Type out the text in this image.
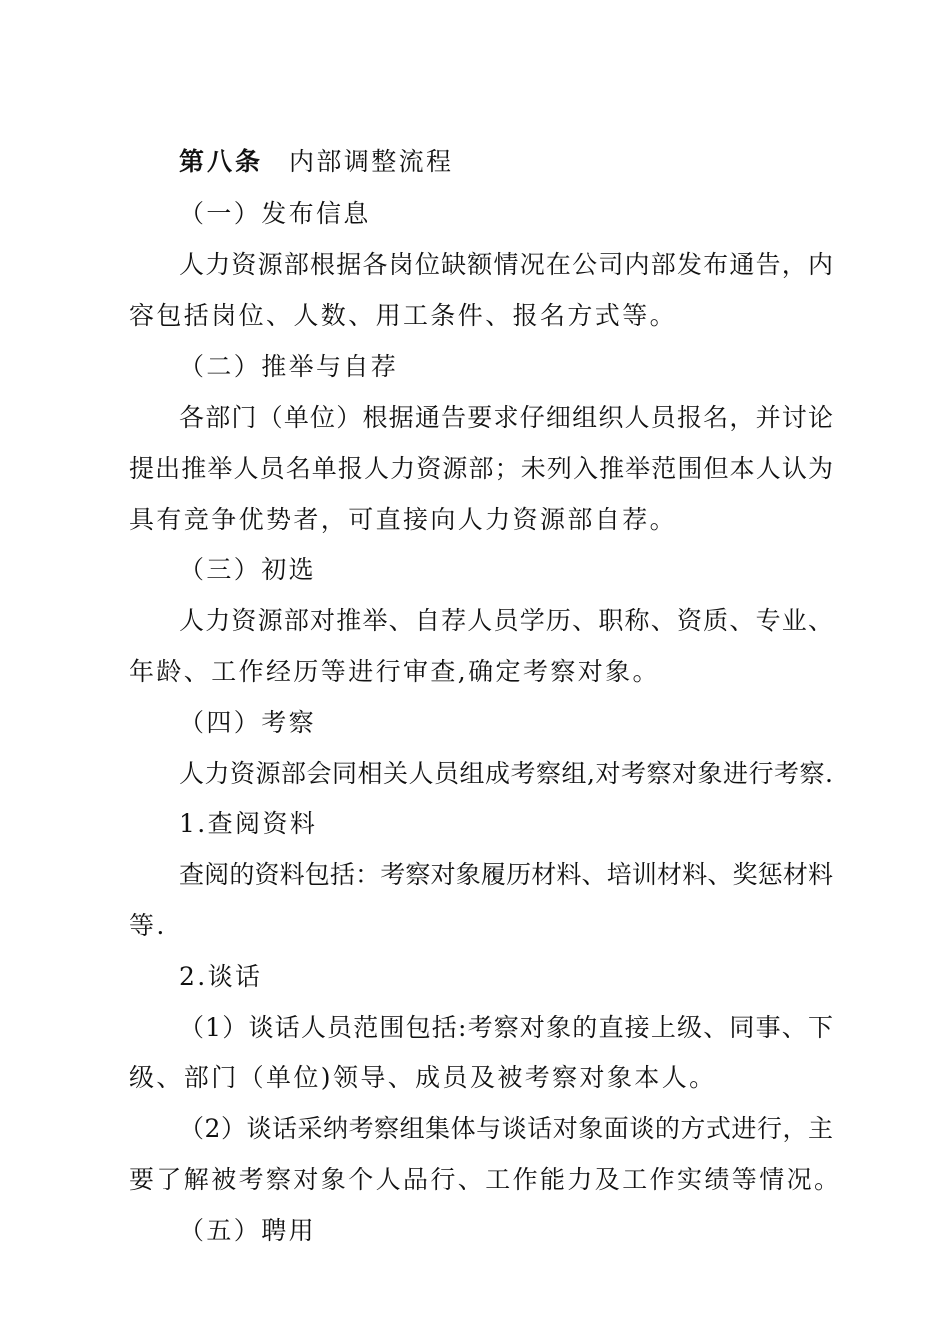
第八条 内部调整流程
（一）发布信息
人力资源部根据各岗位缺额情况在公司内部发布通告，内
容包括岗位、人数、用工条件、报名方式等。
（二）推举与自荐
各部门（单位）根据通告要求仔细组织人员报名，并讨论
提出推举人员名单报人力资源部；未列入推举范围但本人认为
具有竞争优势者，可直接向人力资源部自荐。
（三）初选
人力资源部对推举、自荐人员学历、职称、资质、专业、
年龄、工作经历等进行审查,确定考察对象。
（四）考察
人力资源部会同相关人员组成考察组,对考察对象进行考察.
1.查阅资料
查阅的资料包括：考察对象履历材料、培训材料、奖惩材料
等.
2.谈话
（1）谈话人员范围包括:考察对象的直接上级、同事、下
级、部门（单位)领导、成员及被考察对象本人。
（2）谈话采纳考察组集体与谈话对象面谈的方式进行，主
要了解被考察对象个人品行、工作能力及工作实绩等情况。
（五）聘用
